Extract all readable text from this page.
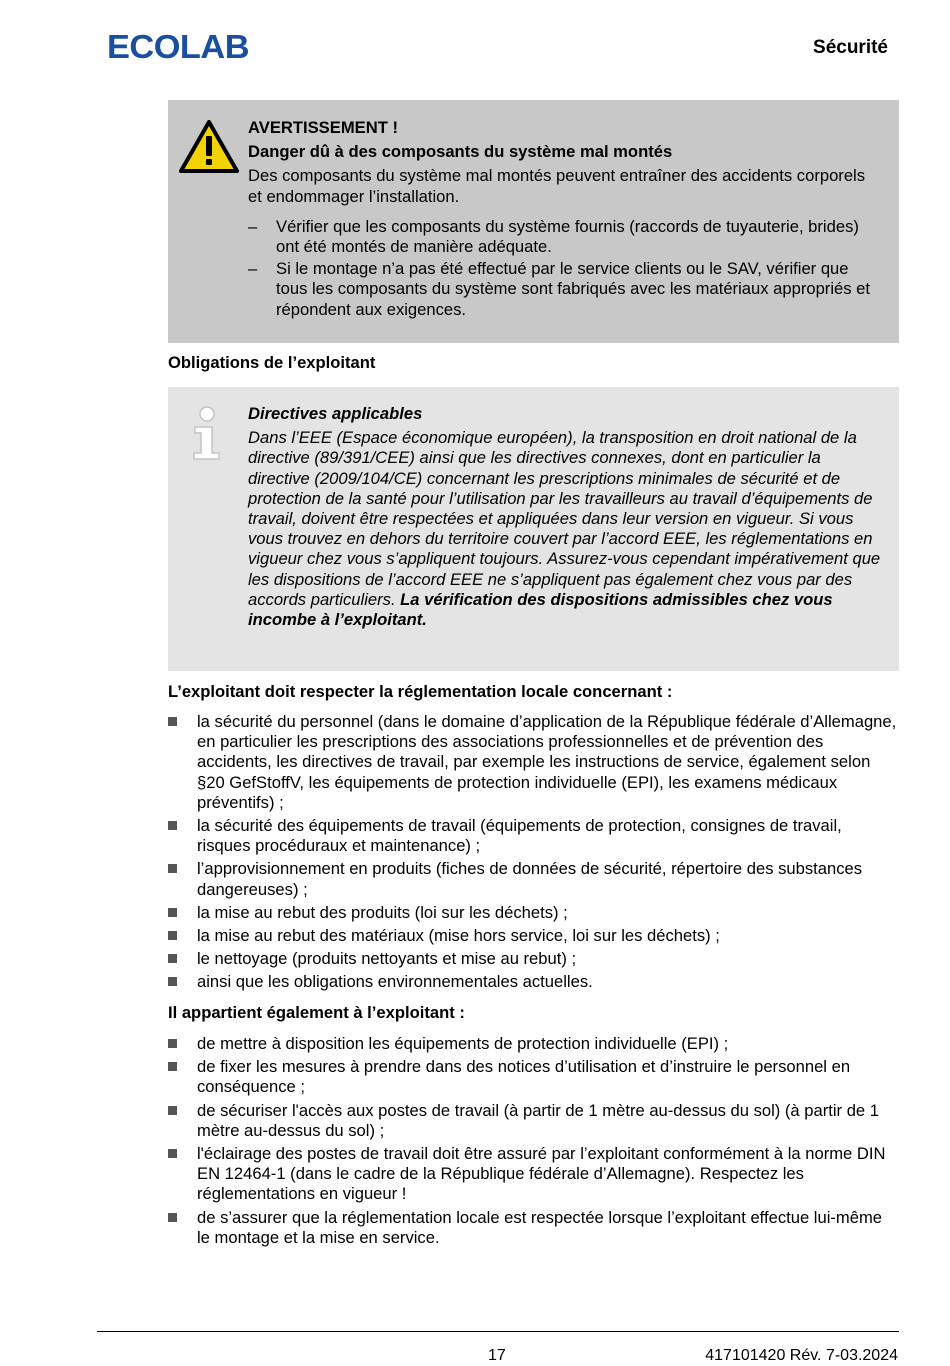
ECOLAB	Sécurité

AVERTISSEMENT !

Danger dû à des composants du système mal montés

Des composants du système mal montés peuvent entraîner des accidents corporels et endommager l’installation.

– Vérifier que les composants du système fournis (raccords de tuyauterie, brides) ont été montés de manière adéquate.
– Si le montage n’a pas été effectué par le service clients ou le SAV, vérifier que tous les composants du système sont fabriqués avec les matériaux appropriés et répondent aux exigences.
Obligations de l’exploitant

Directives applicables

Dans l’EEE (Espace économique européen), la transposition en droit national de la directive (89/391/CEE) ainsi que les directives connexes, dont en particulier la directive (2009/104/CE) concernant les prescriptions minimales de sécurité et de protection de la santé pour l’utilisation par les travailleurs au travail d’équipements de travail, doivent être respectées et appliquées dans leur version en vigueur. Si vous vous trouvez en dehors du territoire couvert par l’accord EEE, les réglementations en vigueur chez vous s’appliquent toujours. Assurez-vous cependant impérativement que les dispositions de l’accord EEE ne s’appliquent pas également chez vous par des accords particuliers. La vérification des dispositions admissibles chez vous incombe à l’exploitant.

L’exploitant doit respecter la réglementation locale concernant :
la sécurité du personnel (dans le domaine d’application de la République fédérale d’Allemagne, en particulier les prescriptions des associations professionnelles et de prévention des accidents, les directives de travail, par exemple les instructions de service, également selon §20 GefStoffV, les équipements de protection individuelle (EPI), les examens médicaux préventifs) ;
la sécurité des équipements de travail (équipements de protection, consignes de travail, risques procéduraux et maintenance) ;
l’approvisionnement en produits (fiches de données de sécurité, répertoire des substances dangereuses) ;
la mise au rebut des produits (loi sur les déchets) ;
la mise au rebut des matériaux (mise hors service, loi sur les déchets) ;
le nettoyage (produits nettoyants et mise au rebut) ;
ainsi que les obligations environnementales actuelles.
Il appartient également à l’exploitant :
de mettre à disposition les équipements de protection individuelle (EPI) ;
de fixer les mesures à prendre dans des notices d’utilisation et d’instruire le personnel en conséquence ;
de sécuriser l'accès aux postes de travail (à partir de 1 mètre au-dessus du sol) (à partir de 1 mètre au-dessus du sol) ;
l'éclairage des postes de travail doit être assuré par l’exploitant conformément à la norme DIN EN 12464-1 (dans le cadre de la République fédérale d’Allemagne). Respectez les réglementations en vigueur !
de s’assurer que la réglementation locale est respectée lorsque l’exploitant effectue lui-même le montage et la mise en service.
17	417101420 Rév. 7-03.2024
